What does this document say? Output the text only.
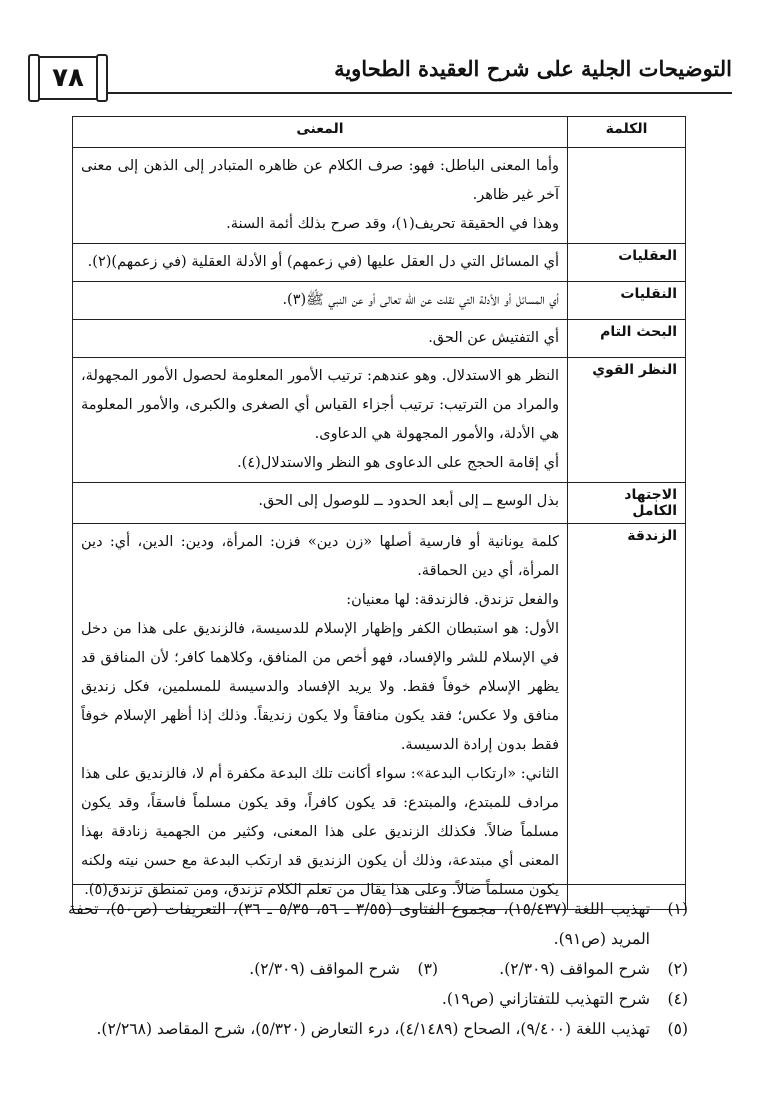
٧٨	التوضيحات الجلية على شرح العقيدة الطحاوية
الكلمة	المعنى

	وأما المعنى الباطل: فهو: صرف الكلام عن ظاهره المتبادر إلى الذهن إلى معنى آخر غير ظاهر.

وهذا في الحقيقة تحريف(١)، وقد صرح بذلك أئمة السنة.

العقليات	أي المسائل التي دل العقل عليها (في زعمهم) أو الأدلة العقلية (في زعمهم)(٢).

النقليات	أي المسائل أو الأدلة التي نقلت عن الله تعالى أو عن النبي ﷺ(٣).

البحث التام	أي التفتيش عن الحق.

النظر القوي	النظر هو الاستدلال. وهو عندهم: ترتيب الأمور المعلومة لحصول الأمور المجهولة، والمراد من الترتيب: ترتيب أجزاء القياس أي الصغرى والكبرى، والأمور المعلومة هي الأدلة، والأمور المجهولة هي الدعاوى.

أي إقامة الحجج على الدعاوى هو النظر والاستدلال(٤).

الاجتهاد الكامل	بذل الوسع ــ إلى أبعد الحدود ــ للوصول إلى الحق.

الزندقة	كلمة يونانية أو فارسية أصلها «زن دين» فزن: المرأة، ودين: الدين، أي: دين المرأة، أي دين الحماقة.

والفعل تزندق. فالزندقة: لها معنيان:

الأول: هو استبطان الكفر وإظهار الإسلام للدسيسة، فالزنديق على هذا من دخل في الإسلام للشر والإفساد، فهو أخص من المنافق، وكلاهما كافر؛ لأن المنافق قد يظهر الإسلام خوفاً فقط. ولا يريد الإفساد والدسيسة للمسلمين، فكل زنديق منافق ولا عكس؛ فقد يكون منافقاً ولا يكون زنديقاً. وذلك إذا أظهر الإسلام خوفاً فقط بدون إرادة الدسيسة.

الثاني: «ارتكاب البدعة»: سواء أكانت تلك البدعة مكفرة أم لا، فالزنديق على هذا مرادف للمبتدع، والمبتدع: قد يكون كافراً، وقد يكون مسلماً فاسقاً، وقد يكون مسلماً ضالاً. فكذلك الزنديق على هذا المعنى، وكثير من الجهمية زنادقة بهذا المعنى أي مبتدعة، وذلك أن يكون الزنديق قد ارتكب البدعة مع حسن نيته ولكنه يكون مسلماً ضالاً. وعلى هذا يقال من تعلم الكلام تزندق، ومن تمنطق تزندق(٥).

(١)
تهذيب اللغة (١٥/٤٣٧)، مجموع الفتاوى (٣/٥٥ ـ ٥٦، ٥/٣٥ ـ ٣٦)، التعريفات (ص٥٠)، تحفة المريد (ص٩١).
(٢)
شرح المواقف (٢/٣٠٩).
(٣)
شرح المواقف (٢/٣٠٩).
(٤)
شرح التهذيب للتفتازاني (ص١٩).
(٥)
تهذيب اللغة (٩/٤٠٠)، الصحاح (٤/١٤٨٩)، درء التعارض (٥/٣٢٠)، شرح المقاصد (٢/٢٦٨).
